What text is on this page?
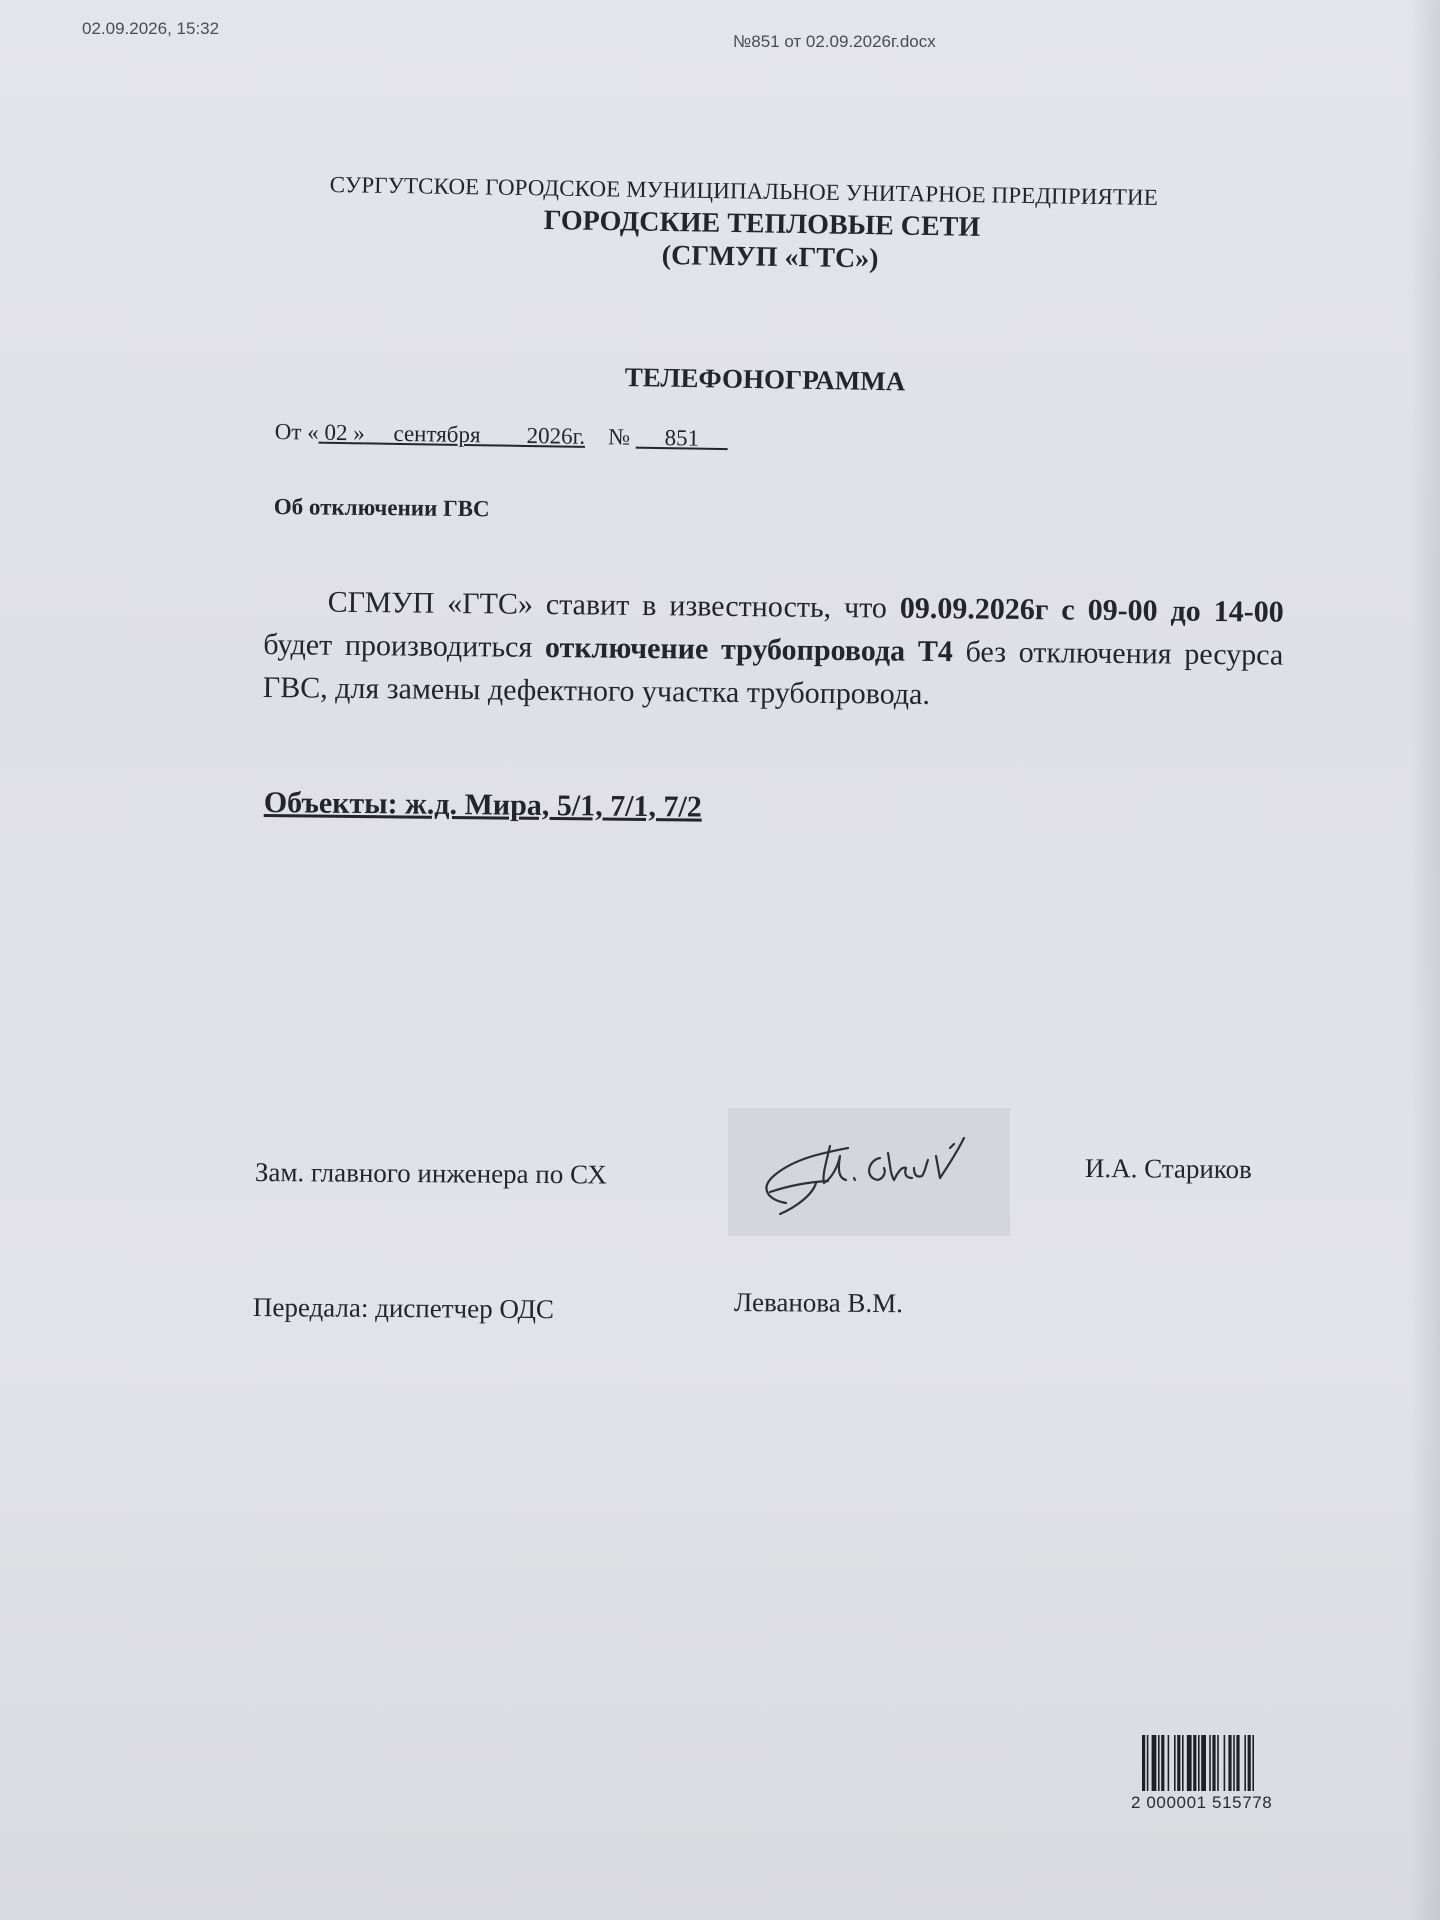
02.09.2026, 15:32
№851 от 02.09.2026г.docx
СУРГУТСКОЕ ГОРОДСКОЕ МУНИЦИПАЛЬНОЕ УНИТАРНОЕ ПРЕДПРИЯТИЕ
ГОРОДСКИЕ ТЕПЛОВЫЕ СЕТИ
(СГМУП «ГТС»)
ТЕЛЕФОНОГРАММА
От « 02 » сентября 2026г. № 851
Об отключении ГВС
СГМУП «ГТС» ставит в известность, что 09.09.2026г с 09-00 до 14-00 будет производиться отключение трубопровода Т4 без отключения ресурса ГВС, для замены дефектного участка трубопровода.
Объекты: ж.д. Мира, 5/1, 7/1, 7/2
Зам. главного инженера по СХ	И.А. Стариков
Передала: диспетчер ОДС	Леванова В.М.
2 000001 515778
